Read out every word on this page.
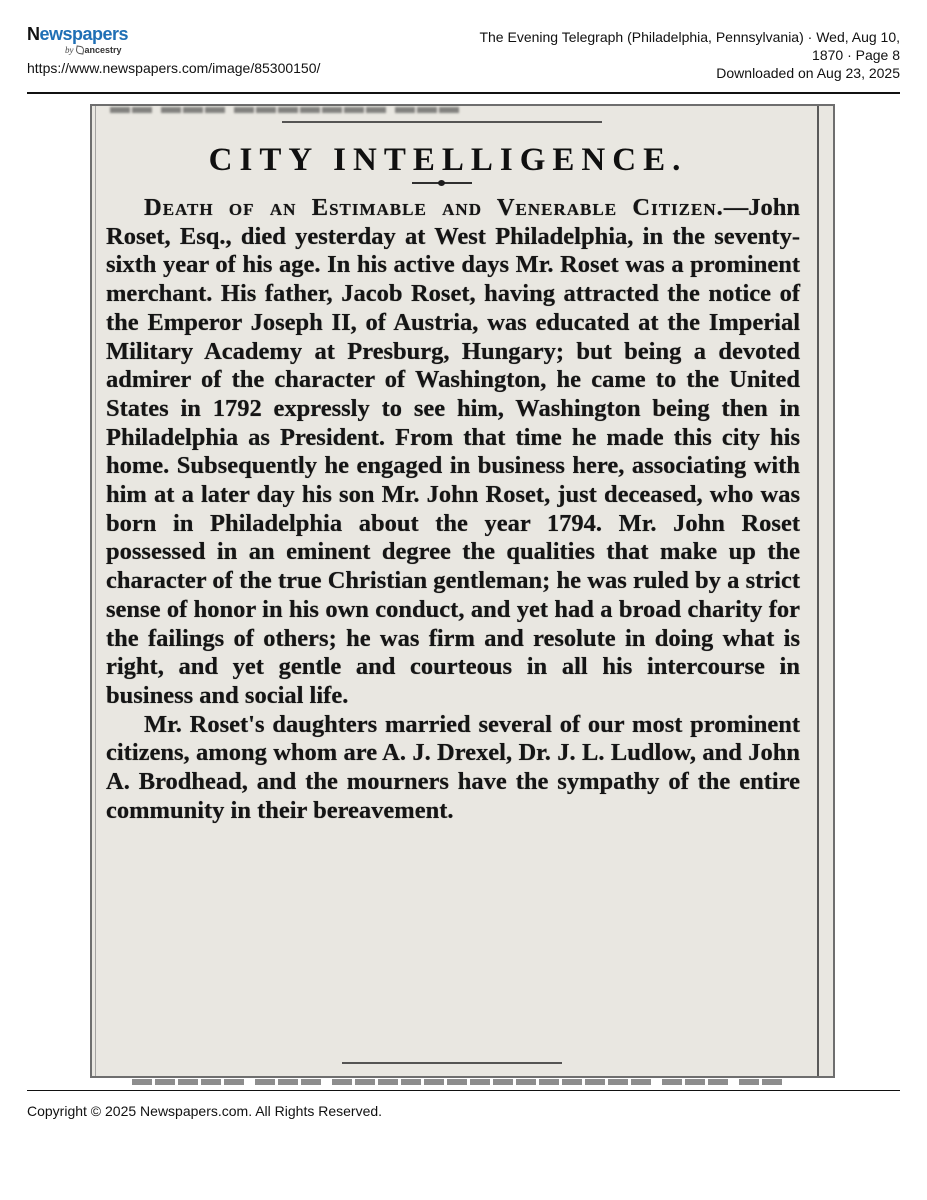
Newspapers
by ancestry
https://www.newspapers.com/image/85300150/
The Evening Telegraph (Philadelphia, Pennsylvania) · Wed, Aug 10,
1870 · Page 8
Downloaded on Aug 23, 2025
▬▬ ▬▬▬ ▬▬▬▬▬▬▬ ▬▬▬
CITY INTELLIGENCE.

Death of an Estimable and Venerable Citizen.—John Roset, Esq., died yesterday at West Philadelphia, in the seventy-sixth year of his age. In his active days Mr. Roset was a prominent merchant. His father, Jacob Roset, having attracted the notice of the Emperor Joseph II, of Austria, was educated at the Imperial Military Academy at Presburg, Hungary; but being a devoted admirer of the character of Washington, he came to the United States in 1792 expressly to see him, Washington being then in Philadelphia as President. From that time he made this city his home. Subsequently he engaged in business here, associating with him at a later day his son Mr. John Roset, just deceased, who was born in Philadelphia about the year 1794. Mr. John Roset possessed in an eminent degree the qualities that make up the character of the true Christian gentleman; he was ruled by a strict sense of honor in his own conduct, and yet had a broad charity for the failings of others; he was firm and resolute in doing what is right, and yet gentle and courteous in all his intercourse in business and social life.

Mr. Roset's daughters married several of our most prominent citizens, among whom are A. J. Drexel, Dr. J. L. Ludlow, and John A. Brodhead, and the mourners have the sympathy of the entire community in their bereavement.

▬▬▬▬▬ ▬▬▬ ▬▬▬▬▬▬▬▬▬▬▬▬▬▬ ▬▬▬ ▬▬
Copyright © 2025 Newspapers.com. All Rights Reserved.
